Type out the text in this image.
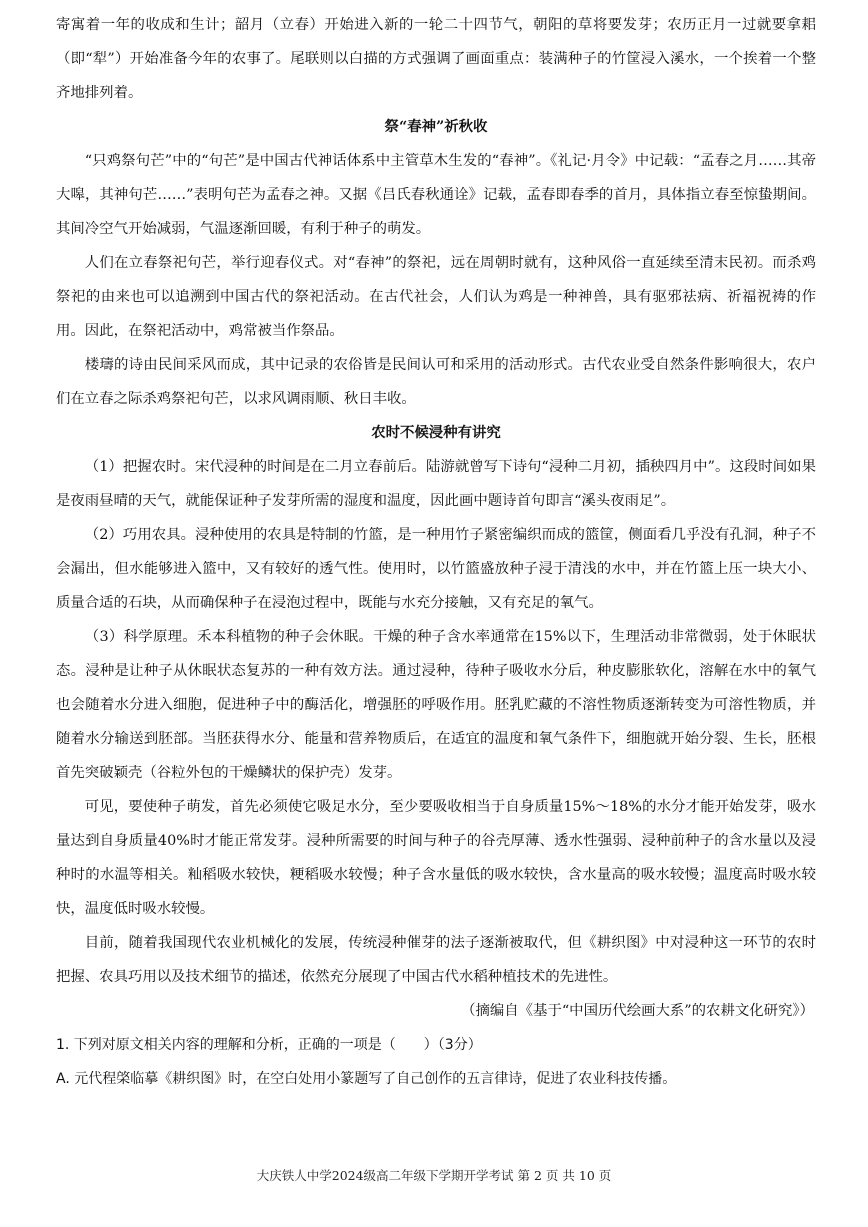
寄寓着一年的收成和生计；韶月（立春）开始进入新的一轮二十四节气，朝阳的草将要发芽；农历正月一过就要拿耜（即“犁”）开始准备今年的农事了。尾联则以白描的方式强调了画面重点：装满种子的竹筐浸入溪水，一个挨着一个整齐地排列着。

祭“春神”祈秋收

“只鸡祭句芒”中的“句芒”是中国古代神话体系中主管草木生发的“春神”。《礼记·月令》中记载：“孟春之月……其帝大嗥，其神句芒……”表明句芒为孟春之神。又据《吕氏春秋通诠》记载，孟春即春季的首月，具体指立春至惊蛰期间。其间冷空气开始减弱，气温逐渐回暖，有利于种子的萌发。

人们在立春祭祀句芒，举行迎春仪式。对“春神”的祭祀，远在周朝时就有，这种风俗一直延续至清末民初。而杀鸡祭祀的由来也可以追溯到中国古代的祭祀活动。在古代社会，人们认为鸡是一种神兽，具有驱邪祛病、祈福祝祷的作用。因此，在祭祀活动中，鸡常被当作祭品。

楼璹的诗由民间采风而成，其中记录的农俗皆是民间认可和采用的活动形式。古代农业受自然条件影响很大，农户们在立春之际杀鸡祭祀句芒，以求风调雨顺、秋日丰收。

农时不候浸种有讲究

（1）把握农时。宋代浸种的时间是在二月立春前后。陆游就曾写下诗句“浸种二月初，插秧四月中”。这段时间如果是夜雨昼晴的天气，就能保证种子发芽所需的湿度和温度，因此画中题诗首句即言“溪头夜雨足”。

（2）巧用农具。浸种使用的农具是特制的竹篮，是一种用竹子紧密编织而成的篮筐，侧面看几乎没有孔洞，种子不会漏出，但水能够进入篮中，又有较好的透气性。使用时，以竹篮盛放种子浸于清浅的水中，并在竹篮上压一块大小、质量合适的石块，从而确保种子在浸泡过程中，既能与水充分接触，又有充足的氧气。

（3）科学原理。禾本科植物的种子会休眠。干燥的种子含水率通常在15%以下，生理活动非常微弱，处于休眠状态。浸种是让种子从休眠状态复苏的一种有效方法。通过浸种，待种子吸收水分后，种皮膨胀软化，溶解在水中的氧气也会随着水分进入细胞，促进种子中的酶活化，增强胚的呼吸作用。胚乳贮藏的不溶性物质逐渐转变为可溶性物质，并随着水分输送到胚部。当胚获得水分、能量和营养物质后，在适宜的温度和氧气条件下，细胞就开始分裂、生长，胚根首先突破颖壳（谷粒外包的干燥鳞状的保护壳）发芽。

可见，要使种子萌发，首先必须使它吸足水分，至少要吸收相当于自身质量15%～18%的水分才能开始发芽，吸水量达到自身质量40%时才能正常发芽。浸种所需要的时间与种子的谷壳厚薄、透水性强弱、浸种前种子的含水量以及浸种时的水温等相关。籼稻吸水较快，粳稻吸水较慢；种子含水量低的吸水较快，含水量高的吸水较慢；温度高时吸水较快，温度低时吸水较慢。

目前，随着我国现代农业机械化的发展，传统浸种催芽的法子逐渐被取代，但《耕织图》中对浸种这一环节的农时把握、农具巧用以及技术细节的描述，依然充分展现了中国古代水稻种植技术的先进性。

（摘编自《基于“中国历代绘画大系”的农耕文化研究》）

1. 下列对原文相关内容的理解和分析，正确的一项是（　　）（3分）

A. 元代程棨临摹《耕织图》时，在空白处用小篆题写了自己创作的五言律诗，促进了农业科技传播。

大庆铁人中学2024级高二年级下学期开学考试 第 2 页 共 10 页
